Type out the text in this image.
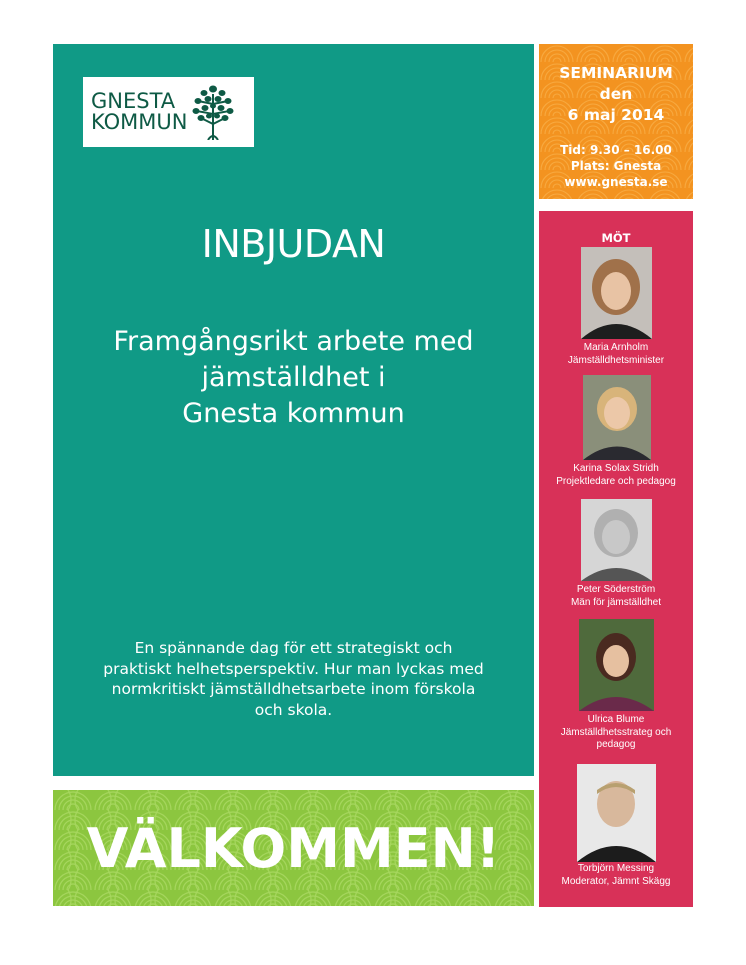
GNESTA
KOMMUN
INBJUDAN
Framgångsrikt arbete med
jämställdhet i
Gnesta kommun
En spännande dag för ett strategiskt och
praktiskt helhetsperspektiv. Hur man lyckas med
normkritiskt jämställdhetsarbete inom förskola
och skola.
VÄLKOMMEN!
SEMINARIUM
den
6 maj 2014
Tid: 9.30 – 16.00
Plats: Gnesta
www.gnesta.se
MÖT
Maria Arnholm
Jämställdhetsminister
Karina Solax Stridh
Projektledare och pedagog
Peter Söderström
Män för jämställdhet
Ulrica Blume
Jämställdhetsstrateg och
pedagog
Torbjörn Messing
Moderator, Jämnt Skägg
